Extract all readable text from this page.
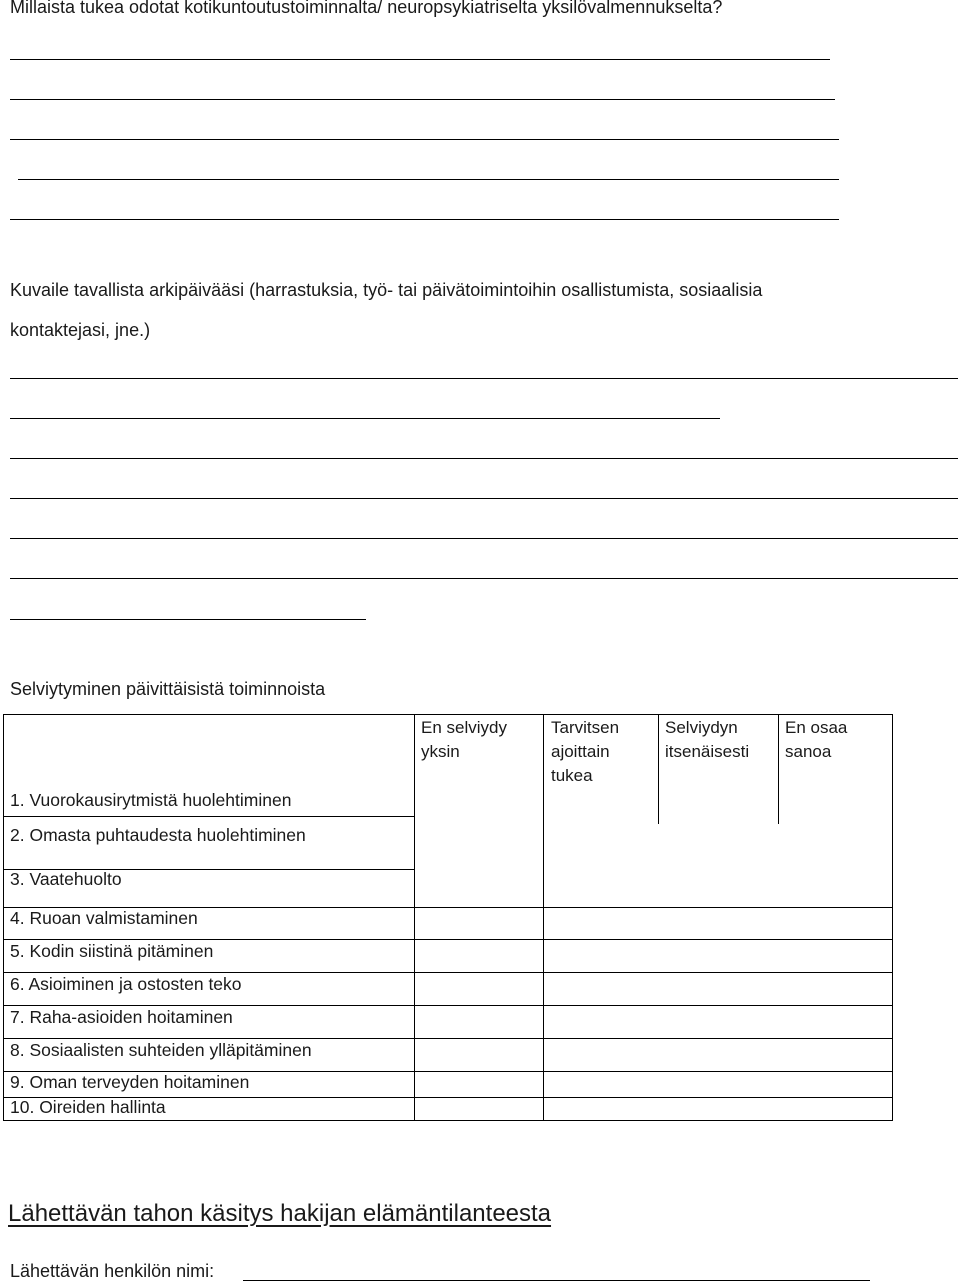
Millaista tukea odotat kotikuntoutustoiminnalta/ neuropsykiatriselta yksilövalmennukselta?
Kuvaile tavallista arkipäivääsi (harrastuksia, työ- tai päivätoimintoihin osallistumista, sosiaalisia
kontaktejasi, jne.)
Selviytyminen päivittäisistä toiminnoista
En selviydy yksin
Tarvitsen ajoittain tukea
Selviydyn itsenäisesti
En osaa sanoa
1. Vuorokausirytmistä huolehtiminen
2. Omasta puhtaudesta huolehtiminen
3. Vaatehuolto
4. Ruoan valmistaminen
5. Kodin siistinä pitäminen
6. Asioiminen ja ostosten teko
7. Raha-asioiden hoitaminen
8. Sosiaalisten suhteiden ylläpitäminen
9. Oman terveyden hoitaminen
10. Oireiden hallinta
Lähettävän tahon käsitys hakijan elämäntilanteesta
Lähettävän henkilön nimi:
